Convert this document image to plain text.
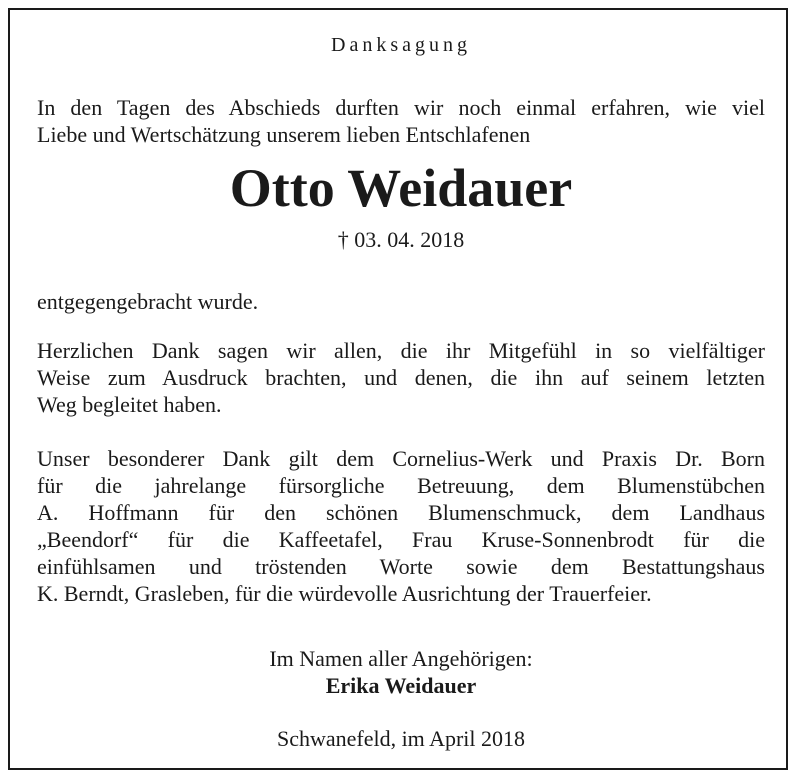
Danksagung
In den Tagen des Abschieds durften wir noch einmal erfahren, wie viel
Liebe und Wertschätzung unserem lieben Entschlafenen
Otto Weidauer
† 03. 04. 2018
entgegengebracht wurde.
Herzlichen Dank sagen wir allen, die ihr Mitgefühl in so vielfältiger
Weise zum Ausdruck brachten, und denen, die ihn auf seinem letzten
Weg begleitet haben.
Unser besonderer Dank gilt dem Cornelius-Werk und Praxis Dr. Born
für die jahrelange fürsorgliche Betreuung, dem Blumenstübchen
A. Hoffmann für den schönen Blumenschmuck, dem Landhaus
„Beendorf“ für die Kaffeetafel, Frau Kruse-Sonnenbrodt für die
einfühlsamen und tröstenden Worte sowie dem Bestattungshaus
K. Berndt, Grasleben, für die würdevolle Ausrichtung der Trauerfeier.
Im Namen aller Angehörigen:
Erika Weidauer
Schwanefeld, im April 2018
